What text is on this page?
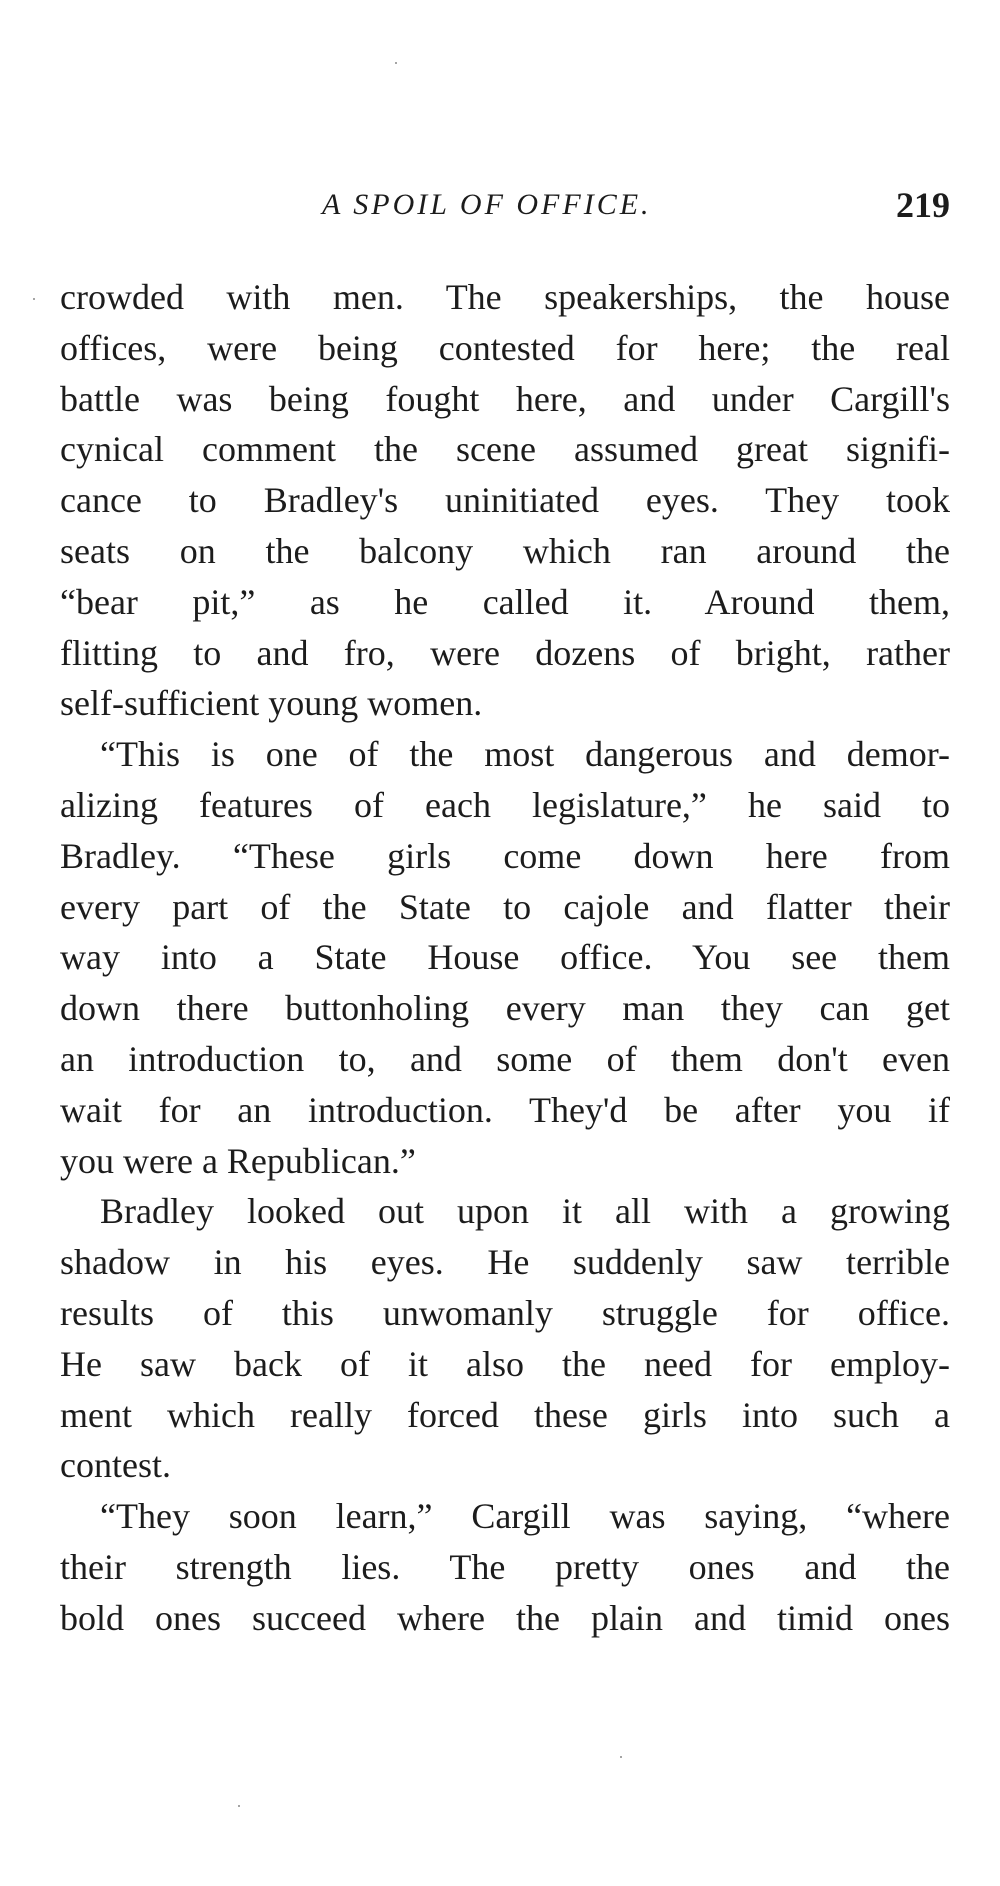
A SPOIL OF OFFICE.	219
crowded with men. The speakerships, the house
offices, were being contested for here; the real
battle was being fought here, and under Cargill's
cynical comment the scene assumed great signifi-
cance to Bradley's uninitiated eyes. They took
seats on the balcony which ran around the
“bear pit,” as he called it. Around them,
flitting to and fro, were dozens of bright, rather
self-sufficient young women.
“This is one of the most dangerous and demor-
alizing features of each legislature,” he said to
Bradley. “These girls come down here from
every part of the State to cajole and flatter their
way into a State House office. You see them
down there buttonholing every man they can get
an introduction to, and some of them don't even
wait for an introduction. They'd be after you if
you were a Republican.”
Bradley looked out upon it all with a growing
shadow in his eyes. He suddenly saw terrible
results of this unwomanly struggle for office.
He saw back of it also the need for employ-
ment which really forced these girls into such a
contest.
“They soon learn,” Cargill was saying, “where
their strength lies. The pretty ones and the
bold ones succeed where the plain and timid ones
